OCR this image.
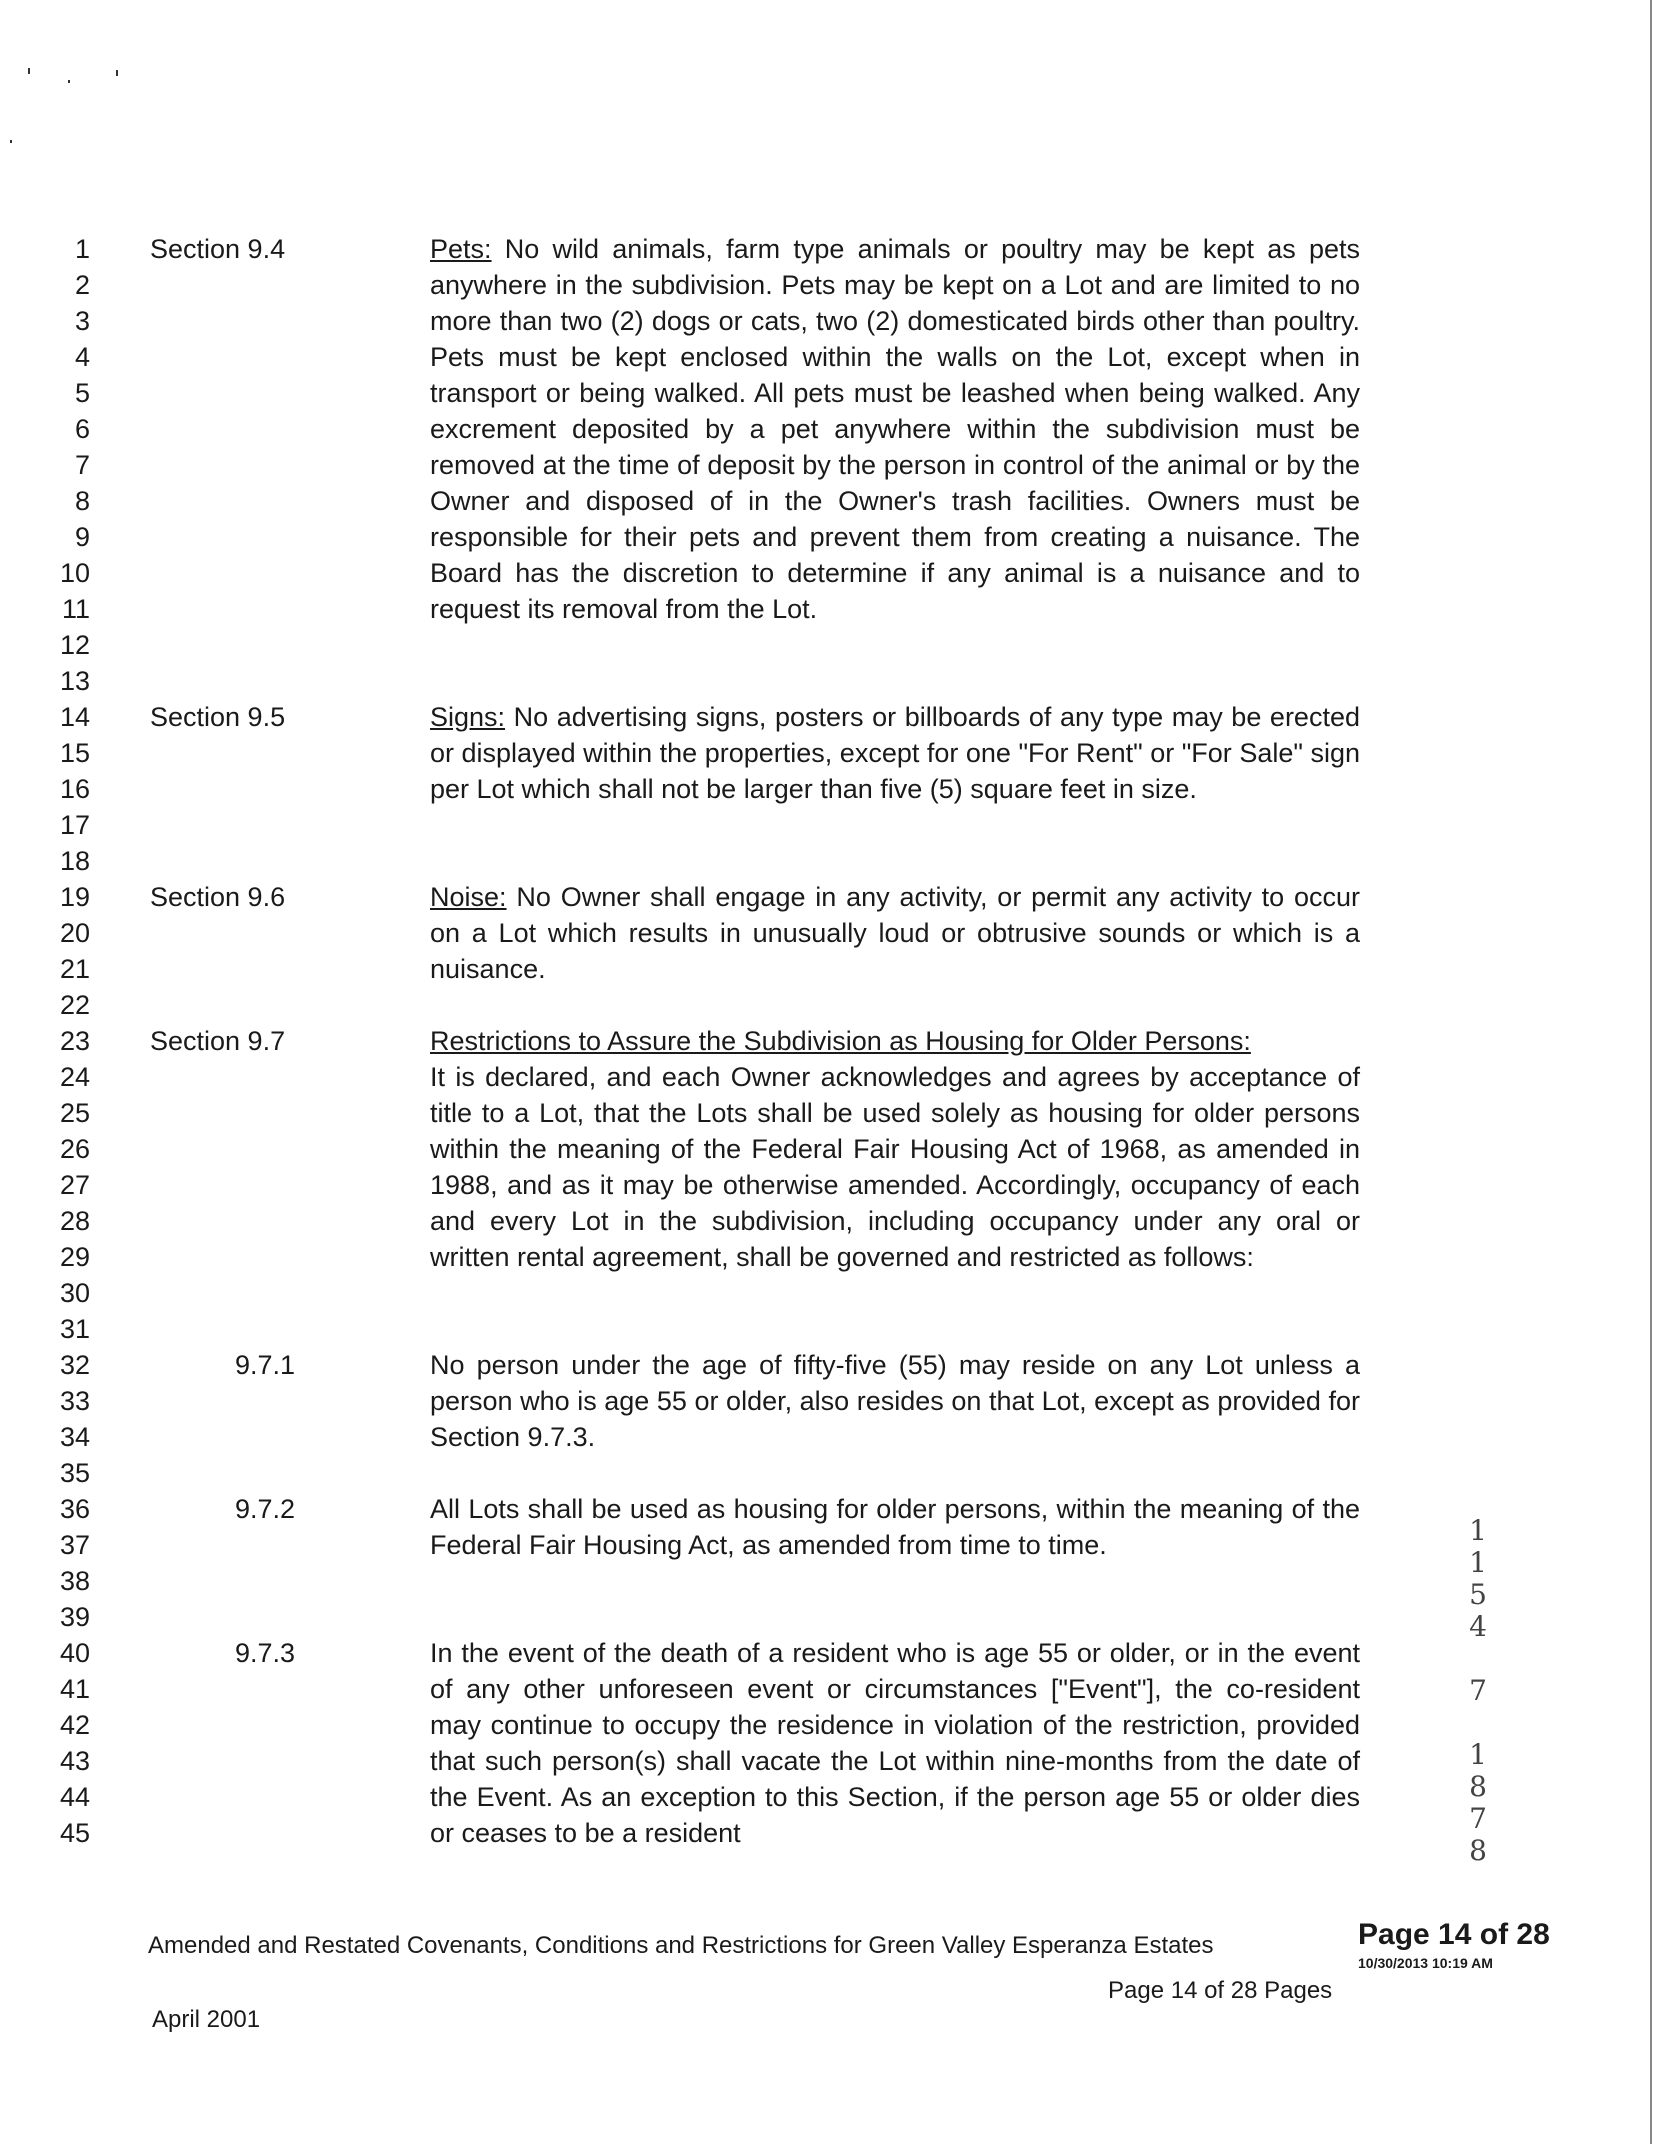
1
2
3
4
5
6
7
8
9
10
11
12
13
14
15
16
17
18
19
20
21
22
23
24
25
26
27
28
29
30
31
32
33
34
35
36
37
38
39
40
41
42
43
44
45
Section 9.4	Pets: No wild animals, farm type animals or poultry may be kept as pets anywhere in the subdivision. Pets may be kept on a Lot and are limited to no more than two (2) dogs or cats, two (2) domesticated birds other than poultry. Pets must be kept enclosed within the walls on the Lot, except when in transport or being walked. All pets must be leashed when being walked. Any excrement deposited by a pet anywhere within the subdivision must be removed at the time of deposit by the person in control of the animal or by the Owner and disposed of in the Owner's trash facilities. Owners must be responsible for their pets and prevent them from creating a nuisance. The Board has the discretion to determine if any animal is a nuisance and to request its removal from the Lot.
Section 9.5	Signs: No advertising signs, posters or billboards of any type may be erected or displayed within the properties, except for one "For Rent" or "For Sale" sign per Lot which shall not be larger than five (5) square feet in size.
Section 9.6	Noise: No Owner shall engage in any activity, or permit any activity to occur on a Lot which results in unusually loud or obtrusive sounds or which is a nuisance.
Section 9.7	Restrictions to Assure the Subdivision as Housing for Older Persons:
It is declared, and each Owner acknowledges and agrees by acceptance of title to a Lot, that the Lots shall be used solely as housing for older persons within the meaning of the Federal Fair Housing Act of 1968, as amended in 1988, and as it may be otherwise amended. Accordingly, occupancy of each and every Lot in the subdivision, including occupancy under any oral or written rental agreement, shall be governed and restricted as follows:
9.7.1	No person under the age of fifty-five (55) may reside on any Lot unless a person who is age 55 or older, also resides on that Lot, except as provided for Section 9.7.3.
9.7.2	All Lots shall be used as housing for older persons, within the meaning of the Federal Fair Housing Act, as amended from time to time.
9.7.3	In the event of the death of a resident who is age 55 or older, or in the event of any other unforeseen event or circumstances ["Event"], the co-resident may continue to occupy the residence in violation of the restriction, provided that such person(s) shall vacate the Lot within nine-months from the date of the Event. As an exception to this Section, if the person age 55 or older dies or ceases to be a resident
1
1
5
4

7

1
8
7
8
Amended and Restated Covenants, Conditions and Restrictions for Green Valley Esperanza Estates
Page 14 of 28 Pages
April 2001
Page 14 of 28
10/30/2013 10:19 AM
